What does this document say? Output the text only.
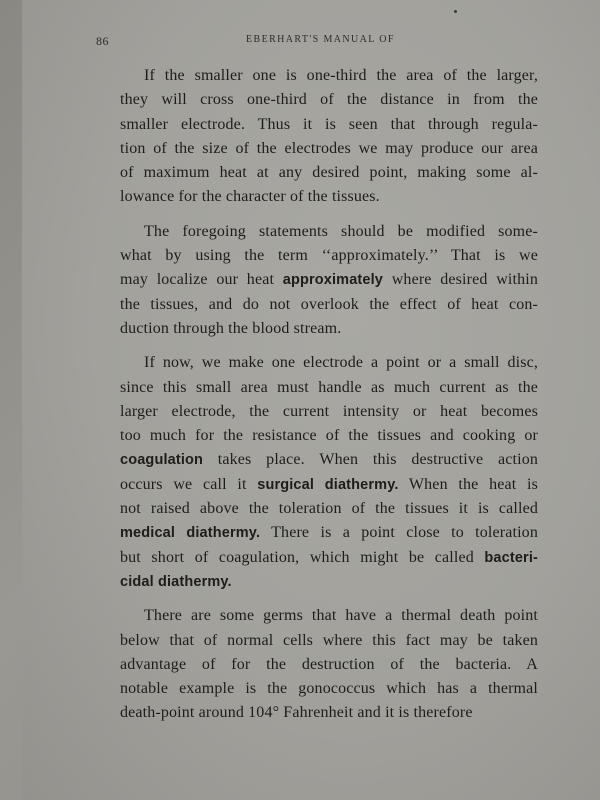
86	EBERHART'S MANUAL OF
If the smaller one is one-third the area of the larger,
they will cross one-third of the distance in from the
smaller electrode. Thus it is seen that through regula-
tion of the size of the electrodes we may produce our area
of maximum heat at any desired point, making some al-
lowance for the character of the tissues.
The foregoing statements should be modified some-
what by using the term ‘‘approximately.’’ That is we
may localize our heat approximately where desired within
the tissues, and do not overlook the effect of heat con-
duction through the blood stream.
If now, we make one electrode a point or a small disc,
since this small area must handle as much current as the
larger electrode, the current intensity or heat becomes
too much for the resistance of the tissues and cooking or
coagulation takes place. When this destructive action
occurs we call it surgical diathermy. When the heat is
not raised above the toleration of the tissues it is called
medical diathermy. There is a point close to toleration
but short of coagulation, which might be called bacteri-
cidal diathermy.
There are some germs that have a thermal death point
below that of normal cells where this fact may be taken
advantage of for the destruction of the bacteria. A
notable example is the gonococcus which has a thermal
death-point around 104° Fahrenheit and it is therefore
